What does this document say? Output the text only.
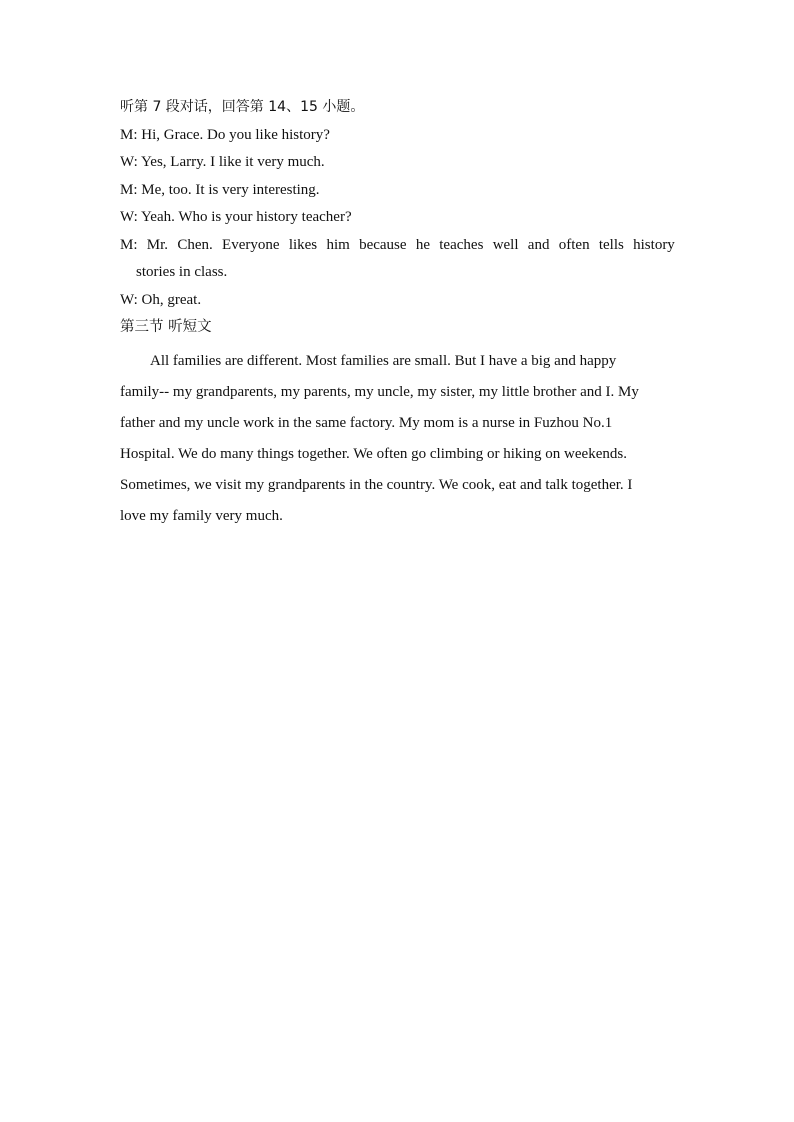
听第 7 段对话，回答第 14、15 小题。

M: Hi, Grace. Do you like history?

W: Yes, Larry. I like it very much.

M: Me, too. It is very interesting.

W: Yeah. Who is your history teacher?

M: Mr. Chen. Everyone likes him because he teaches well and often tells history

stories in class.

W: Oh, great.

第三节 听短文

All families are different. Most families are small. But I have a big and happy

family-- my grandparents, my parents, my uncle, my sister, my little brother and I. My

father and my uncle work in the same factory. My mom is a nurse in Fuzhou No.1

Hospital. We do many things together. We often go climbing or hiking on weekends.

Sometimes, we visit my grandparents in the country. We cook, eat and talk together. I

love my family very much.
